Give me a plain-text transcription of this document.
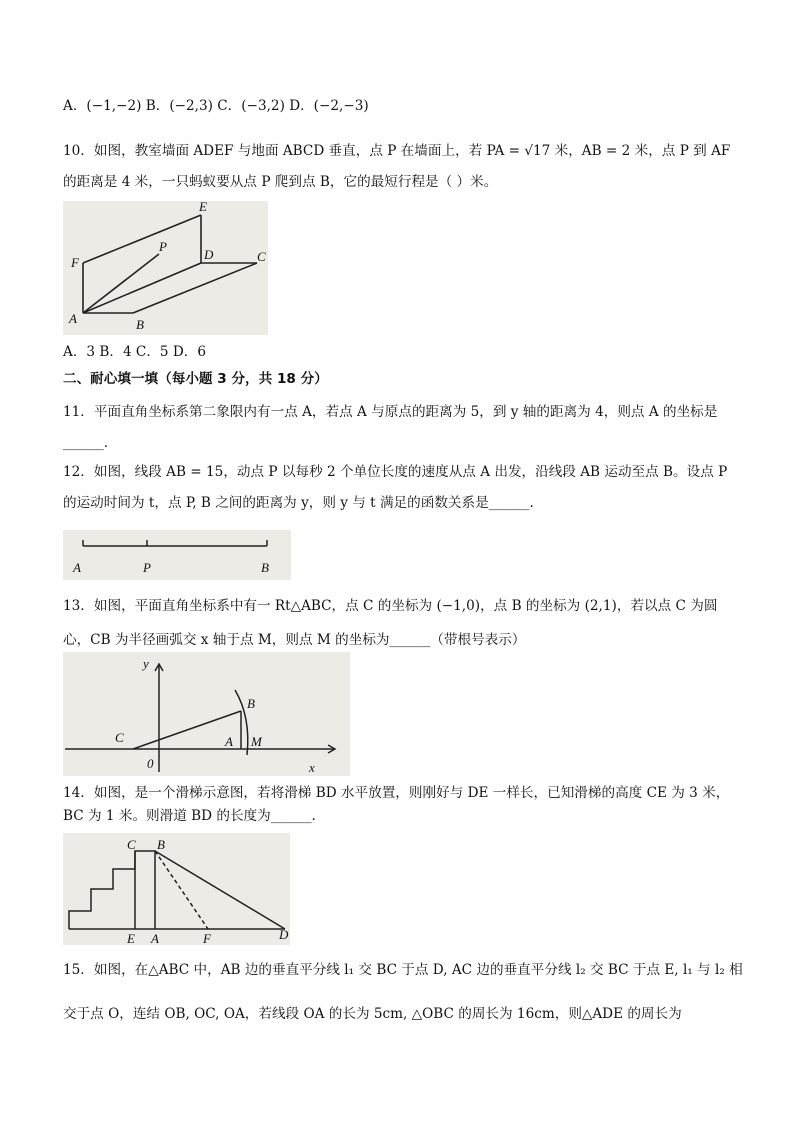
A．(−1,−2) B．(−2,3) C．(−3,2) D．(−2,−3)
10．如图，教室墙面 ADEF 与地面 ABCD 垂直，点 P 在墙面上，若 PA = √17 米，AB = 2 米，点 P 到 AF
的距离是 4 米，一只蚂蚁要从点 P 爬到点 B，它的最短行程是（ ）米。
E
P
F
D	C
A	B
A．3 B．4 C．5 D．6
二、耐心填一填（每小题 3 分，共 18 分）
11．平面直角坐标系第二象限内有一点 A，若点 A 与原点的距离为 5，到 y 轴的距离为 4，则点 A 的坐标是
______.
12．如图，线段 AB = 15，动点 P 以每秒 2 个单位长度的速度从点 A 出发，沿线段 AB 运动至点 B。设点 P
的运动时间为 t，点 P, B 之间的距离为 y，则 y 与 t 满足的函数关系是______.
A	P	B
13．如图，平面直角坐标系中有一 Rt△ABC，点 C 的坐标为 (−1,0)，点 B 的坐标为 (2,1)，若以点 C 为圆
心，CB 为半径画弧交 x 轴于点 M，则点 M 的坐标为______（带根号表示）
y
B
C	A M
0	x
14．如图，是一个滑梯示意图，若将滑梯 BD 水平放置，则刚好与 DE 一样长，已知滑梯的高度 CE 为 3 米，
BC 为 1 米。则滑道 BD 的长度为______.
C B
E A	F	D
15．如图，在△ABC 中，AB 边的垂直平分线 l₁ 交 BC 于点 D, AC 边的垂直平分线 l₂ 交 BC 于点 E, l₁ 与 l₂ 相
交于点 O，连结 OB, OC, OA，若线段 OA 的长为 5cm, △OBC 的周长为 16cm，则△ADE 的周长为
